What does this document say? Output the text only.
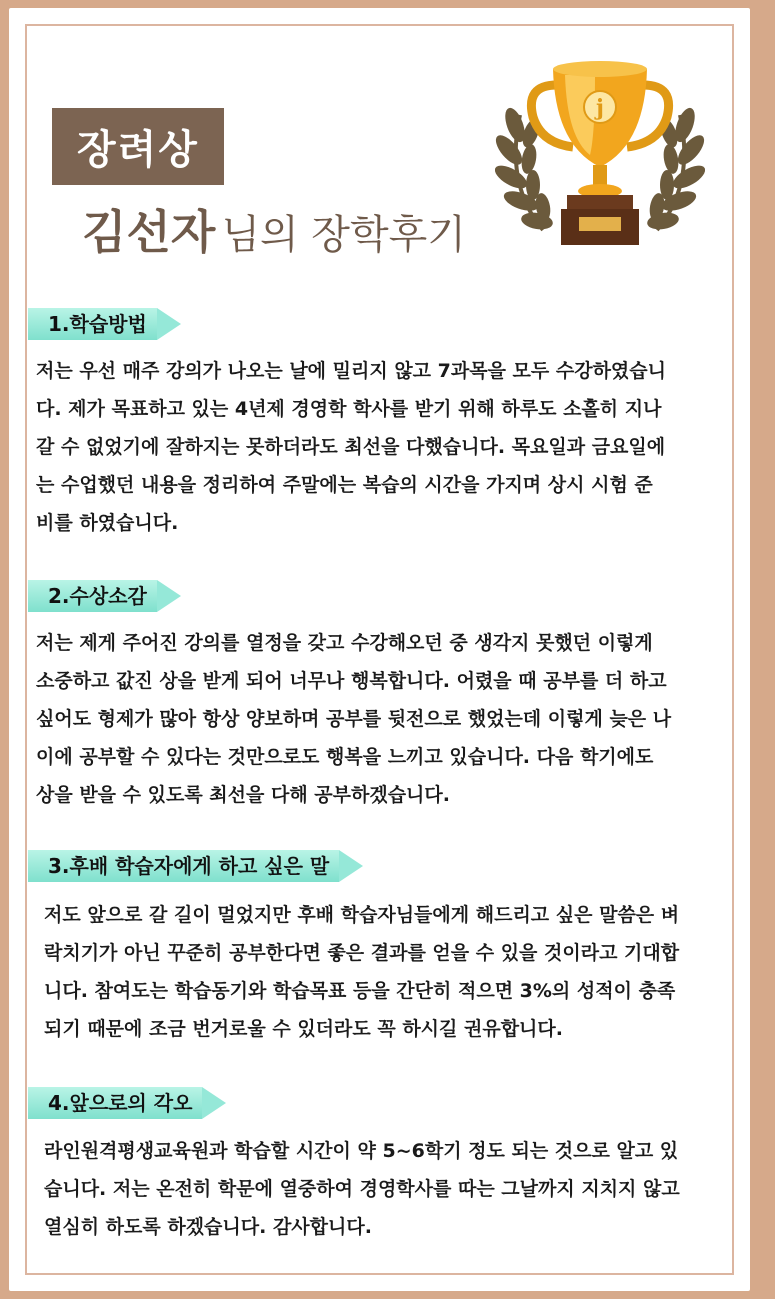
장려상
김선자 님의 장학후기
j
1.학습방법
저는 우선 매주 강의가 나오는 날에 밀리지 않고 7과목을 모두 수강하였습니
다. 제가 목표하고 있는 4년제 경영학 학사를 받기 위해 하루도 소홀히 지나
갈 수 없었기에 잘하지는 못하더라도 최선을 다했습니다. 목요일과 금요일에
는 수업했던 내용을 정리하여 주말에는 복습의 시간을 가지며 상시 시험 준
비를 하였습니다.
2.수상소감
저는 제게 주어진 강의를 열정을 갖고 수강해오던 중 생각지 못했던 이렇게
소중하고 값진 상을 받게 되어 너무나 행복합니다. 어렸을 때 공부를 더 하고
싶어도 형제가 많아 항상 양보하며 공부를 뒷전으로 했었는데 이렇게 늦은 나
이에 공부할 수 있다는 것만으로도 행복을 느끼고 있습니다. 다음 학기에도
상을 받을 수 있도록 최선을 다해 공부하겠습니다.
3.후배 학습자에게 하고 싶은 말
저도 앞으로 갈 길이 멀었지만 후배 학습자님들에게 해드리고 싶은 말씀은 벼
락치기가 아닌 꾸준히 공부한다면 좋은 결과를 얻을 수 있을 것이라고 기대합
니다. 참여도는 학습동기와 학습목표 등을 간단히 적으면 3%의 성적이 충족
되기 때문에 조금 번거로울 수 있더라도 꼭 하시길 권유합니다.
4.앞으로의 각오
라인원격평생교육원과 학습할 시간이 약 5~6학기 정도 되는 것으로 알고 있
습니다. 저는 온전히 학문에 열중하여 경영학사를 따는 그날까지 지치지 않고
열심히 하도록 하겠습니다. 감사합니다.
